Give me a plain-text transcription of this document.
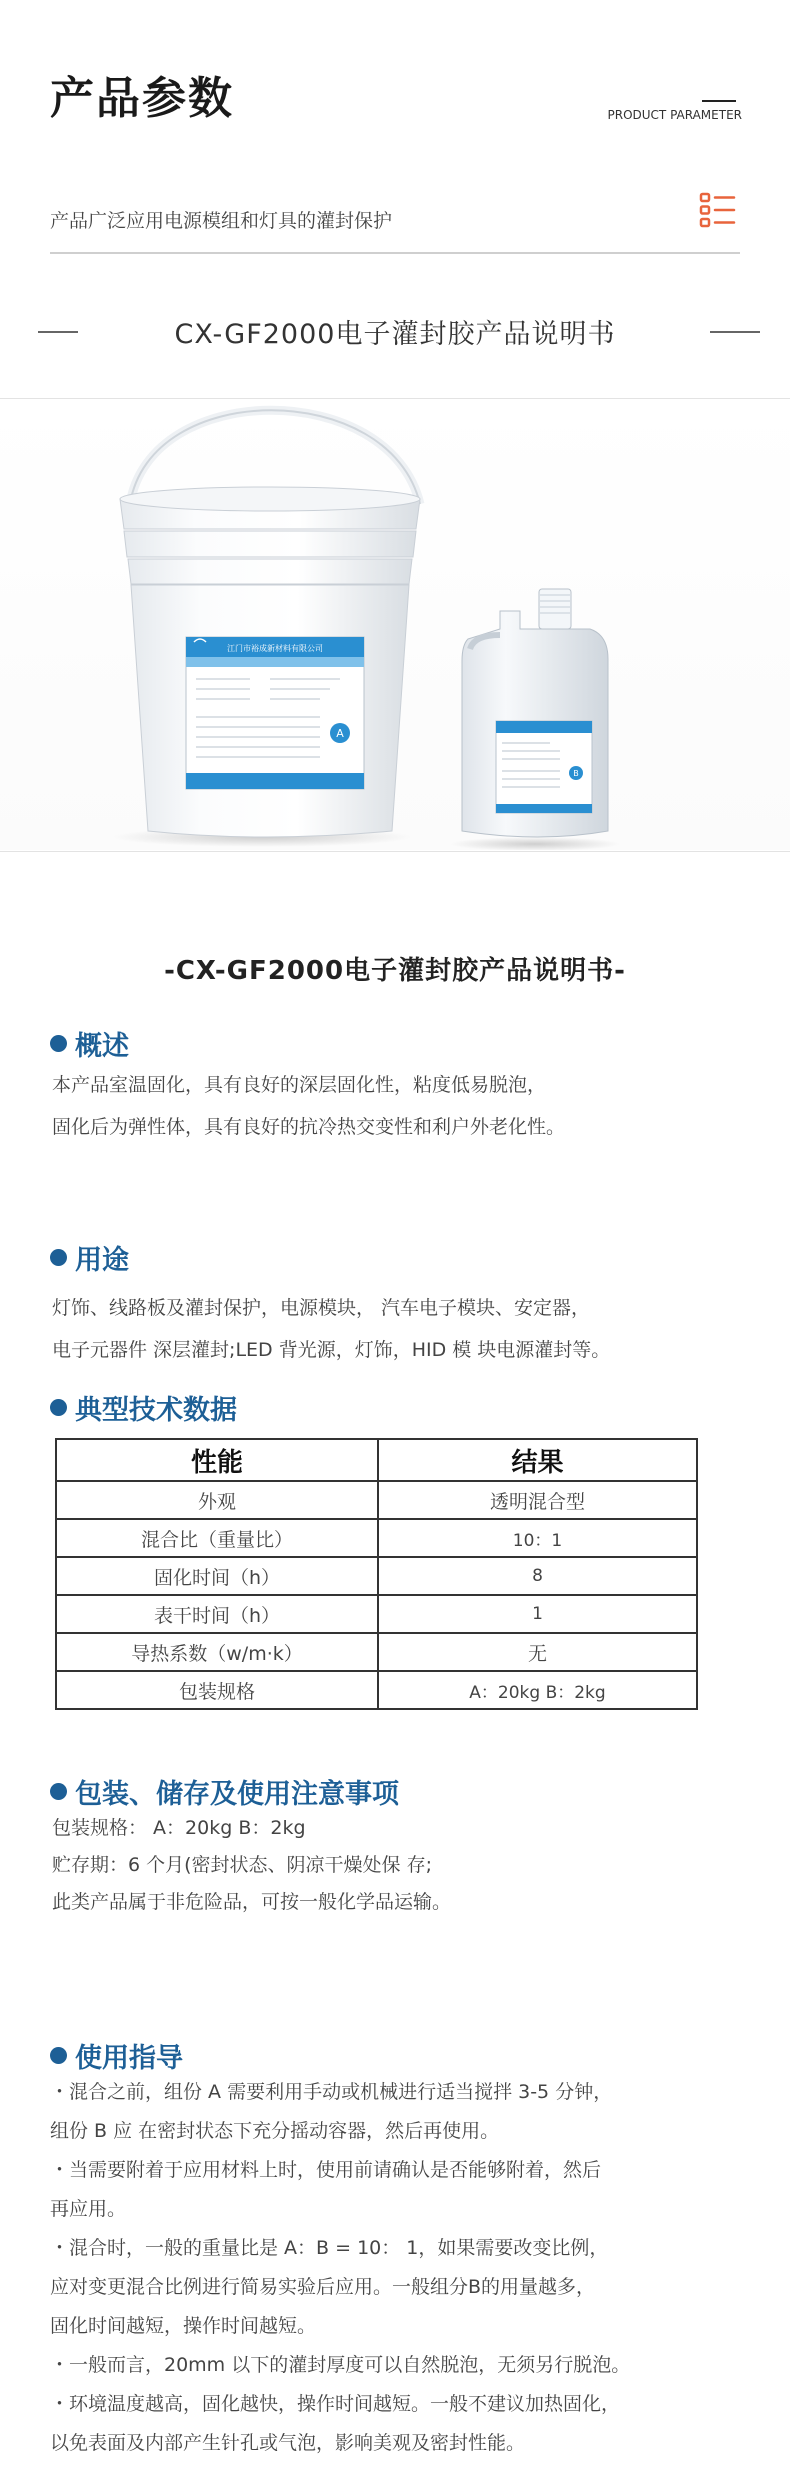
产品参数	PRODUCT PARAMETER
产品广泛应用电源模组和灯具的灌封保护
CX-GF2000电子灌封胶产品说明书
江门市裕成新材料有限公司
A
B
-CX-GF2000电子灌封胶产品说明书-
概述
本产品室温固化，具有良好的深层固化性，粘度低易脱泡，
固化后为弹性体，具有良好的抗冷热交变性和利户外老化性。
用途
灯饰、线路板及灌封保护，电源模块， 汽车电子模块、安定器，
电子元器件 深层灌封;LED 背光源，灯饰，HID 模 块电源灌封等。
典型技术数据
性能	结果
外观	透明混合型
混合比（重量比）	10：1
固化时间（h）	8
表干时间（h）	1
导热系数（w/m·k）	无
包装规格	A：20kg B：2kg
包装、储存及使用注意事项
包装规格： A：20kg B：2kg
贮存期：6 个月(密封状态、阴凉干燥处保 存;
此类产品属于非危险品，可按一般化学品运输。
使用指导
・混合之前，组份 A 需要利用手动或机械进行适当搅拌 3-5 分钟，
组份 B 应 在密封状态下充分摇动容器，然后再使用。
・当需要附着于应用材料上时，使用前请确认是否能够附着，然后
再应用。
・混合时，一般的重量比是 A：B = 10： 1，如果需要改变比例，
应对变更混合比例进行简易实验后应用。一般组分B的用量越多，
固化时间越短，操作时间越短。
・一般而言，20mm 以下的灌封厚度可以自然脱泡，无须另行脱泡。
・环境温度越高，固化越快，操作时间越短。一般不建议加热固化，
以免表面及内部产生针孔或气泡，影响美观及密封性能。
